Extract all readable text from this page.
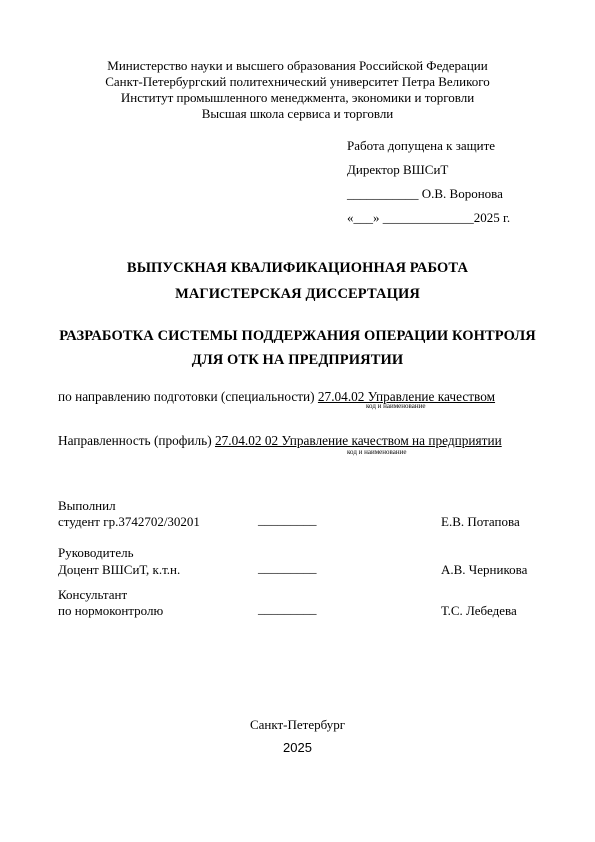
Министерство науки и высшего образования Российской Федерации
Санкт-Петербургский политехнический университет Петра Великого
Институт промышленного менеджмента, экономики и торговли
Высшая школа сервиса и торговли
Работа допущена к защите
Директор ВШСиТ
___________ О.В. Воронова
«___» ______________2025 г.
ВЫПУСКНАЯ КВАЛИФИКАЦИОННАЯ РАБОТА
МАГИСТЕРСКАЯ ДИССЕРТАЦИЯ
РАЗРАБОТКА СИСТЕМЫ ПОДДЕРЖАНИЯ ОПЕРАЦИИ КОНТРОЛЯ
ДЛЯ ОТК НА ПРЕДПРИЯТИИ
по направлению подготовки (специальности) 27.04.02 Управление качеством
код и наименование
Направленность (профиль) 27.04.02 02 Управление качеством на предприятии
код и наименование
Выполнил
студент гр.3742702/30201	_________	Е.В. Потапова
Руководитель
Доцент ВШСиТ, к.т.н.	_________	А.В. Черникова
Консультант
по нормоконтролю	_________	Т.С. Лебедева
Санкт-Петербург
2025
